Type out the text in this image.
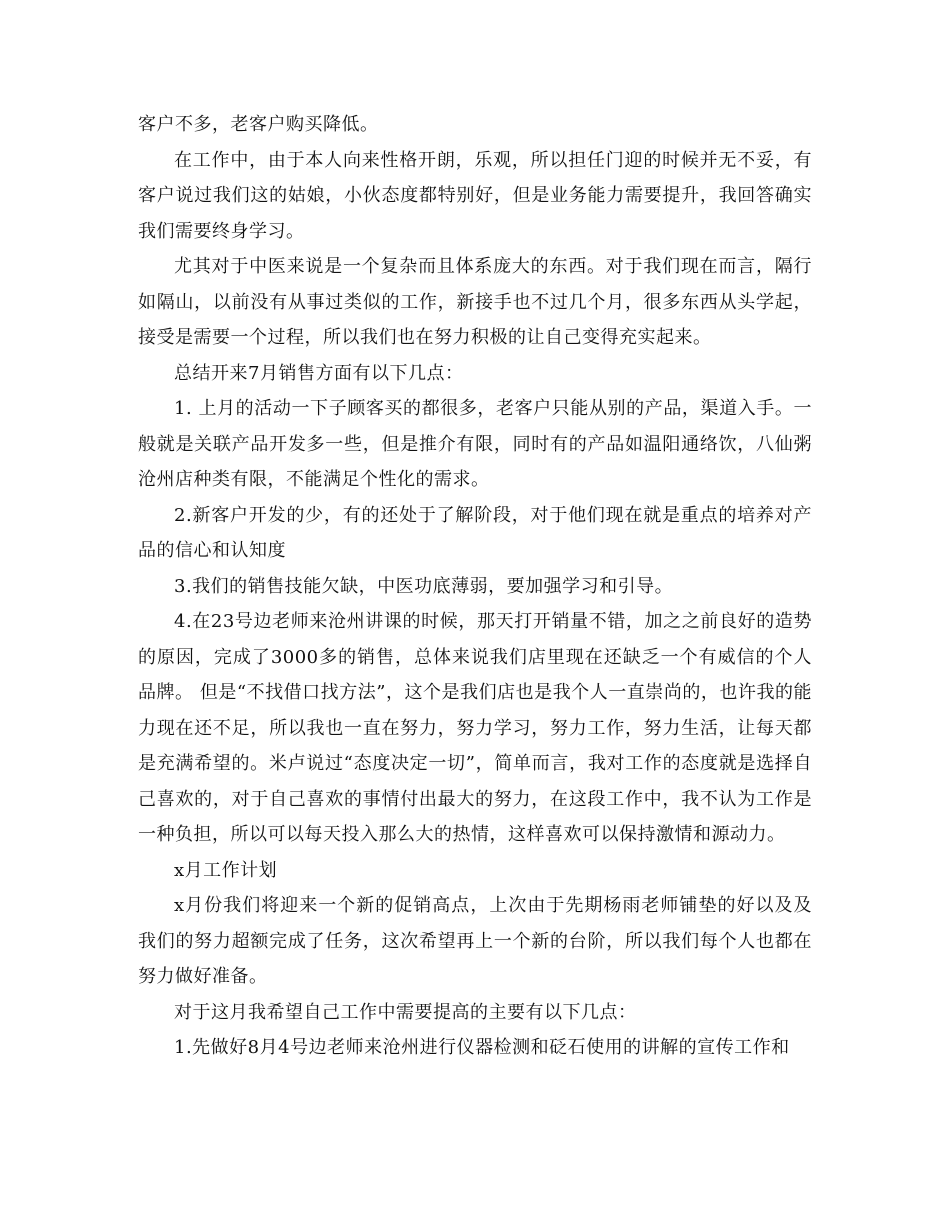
客户不多，老客户购买降低。

在工作中，由于本人向来性格开朗，乐观，所以担任门迎的时候并无不妥，有客户说过我们这的姑娘，小伙态度都特别好，但是业务能力需要提升，我回答确实我们需要终身学习。

尤其对于中医来说是一个复杂而且体系庞大的东西。对于我们现在而言，隔行如隔山，以前没有从事过类似的工作，新接手也不过几个月，很多东西从头学起，接受是需要一个过程，所以我们也在努力积极的让自己变得充实起来。

总结开来7月销售方面有以下几点：

1. 上月的活动一下子顾客买的都很多，老客户只能从别的产品，渠道入手。一般就是关联产品开发多一些，但是推介有限，同时有的产品如温阳通络饮，八仙粥沧州店种类有限，不能满足个性化的需求。

2.新客户开发的少，有的还处于了解阶段，对于他们现在就是重点的培养对产品的信心和认知度

3.我们的销售技能欠缺，中医功底薄弱，要加强学习和引导。

4.在23号边老师来沧州讲课的时候，那天打开销量不错，加之之前良好的造势的原因，完成了3000多的销售，总体来说我们店里现在还缺乏一个有威信的个人品牌。 但是“不找借口找方法”，这个是我们店也是我个人一直崇尚的，也许我的能力现在还不足，所以我也一直在努力，努力学习，努力工作，努力生活，让每天都是充满希望的。米卢说过“态度决定一切”，简单而言，我对工作的态度就是选择自己喜欢的，对于自己喜欢的事情付出最大的努力，在这段工作中，我不认为工作是一种负担，所以可以每天投入那么大的热情，这样喜欢可以保持激情和源动力。

x月工作计划

x月份我们将迎来一个新的促销高点，上次由于先期杨雨老师铺垫的好以及及我们的努力超额完成了任务，这次希望再上一个新的台阶，所以我们每个人也都在努力做好准备。

对于这月我希望自己工作中需要提高的主要有以下几点：

1.先做好8月4号边老师来沧州进行仪器检测和砭石使用的讲解的宣传工作和
